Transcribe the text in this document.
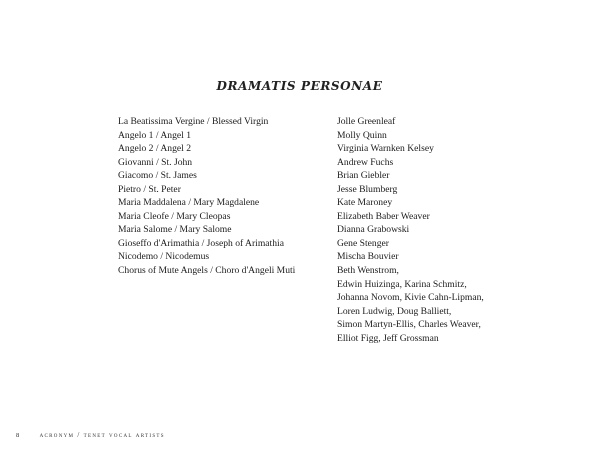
DRAMATIS PERSONAE
La Beatissima Vergine / Blessed Virgin
Angelo 1 / Angel 1
Angelo 2 / Angel 2
Giovanni / St. John
Giacomo / St. James
Pietro / St. Peter
Maria Maddalena / Mary Magdalene
Maria Cleofe / Mary Cleopas
Maria Salome / Mary Salome
Gioseffo d'Arimathia / Joseph of Arimathia
Nicodemo / Nicodemus
Chorus of Mute Angels / Choro d'Angeli Muti
Jolle Greenleaf
Molly Quinn
Virginia Warnken Kelsey
Andrew Fuchs
Brian Giebler
Jesse Blumberg
Kate Maroney
Elizabeth Baber Weaver
Dianna Grabowski
Gene Stenger
Mischa Bouvier
Beth Wenstrom,
Edwin Huizinga, Karina Schmitz,
Johanna Novom, Kivie Cahn-Lipman,
Loren Ludwig, Doug Balliett,
Simon Martyn-Ellis, Charles Weaver,
Elliot Figg, Jeff Grossman
8	acronym / tenet vocal artists
